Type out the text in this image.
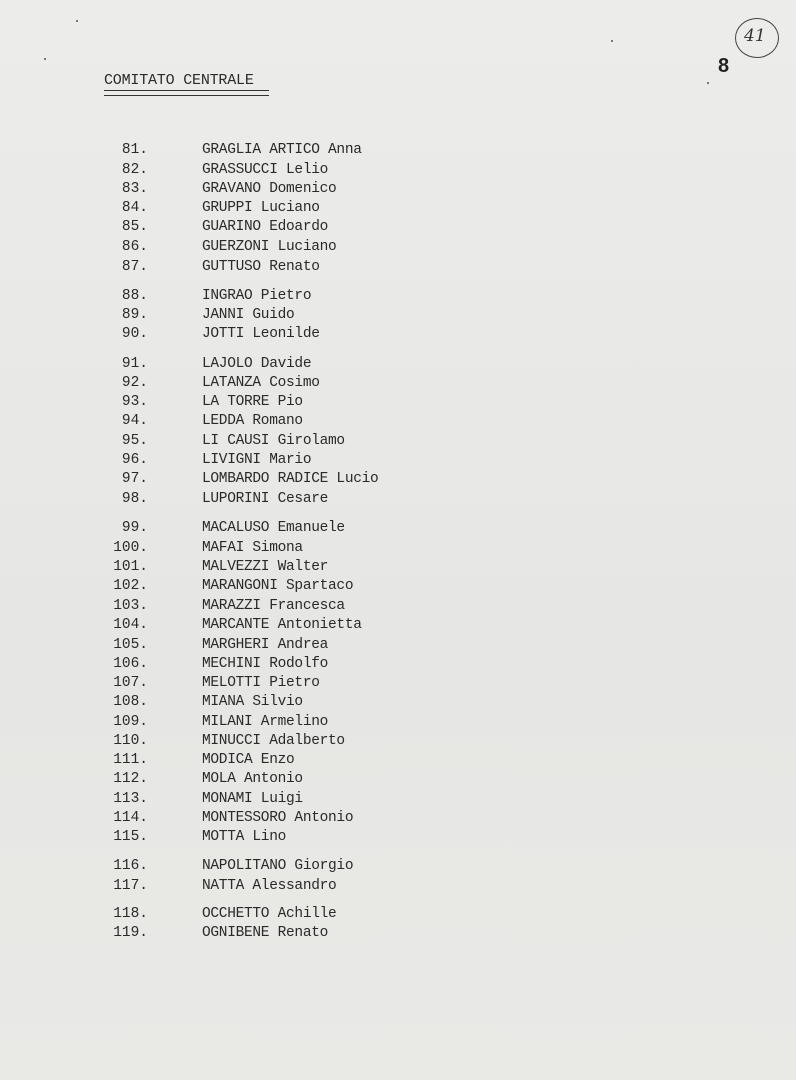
41
8
COMITATO CENTRALE
81.	GRAGLIA ARTICO Anna
82.	GRASSUCCI Lelio
83.	GRAVANO Domenico
84.	GRUPPI Luciano
85.	GUARINO Edoardo
86.	GUERZONI Luciano
87.	GUTTUSO Renato
88.	INGRAO Pietro
89.	JANNI Guido
90.	JOTTI Leonilde
91.	LAJOLO Davide
92.	LATANZA Cosimo
93.	LA TORRE Pio
94.	LEDDA Romano
95.	LI CAUSI Girolamo
96.	LIVIGNI Mario
97.	LOMBARDO RADICE Lucio
98.	LUPORINI Cesare
99.	MACALUSO Emanuele
100.	MAFAI Simona
101.	MALVEZZI Walter
102.	MARANGONI Spartaco
103.	MARAZZI Francesca
104.	MARCANTE Antonietta
105.	MARGHERI Andrea
106.	MECHINI Rodolfo
107.	MELOTTI Pietro
108.	MIANA Silvio
109.	MILANI Armelino
110.	MINUCCI Adalberto
111.	MODICA Enzo
112.	MOLA Antonio
113.	MONAMI Luigi
114.	MONTESSORO Antonio
115.	MOTTA Lino
116.	NAPOLITANO Giorgio
117.	NATTA Alessandro
118.	OCCHETTO Achille
119.	OGNIBENE Renato
